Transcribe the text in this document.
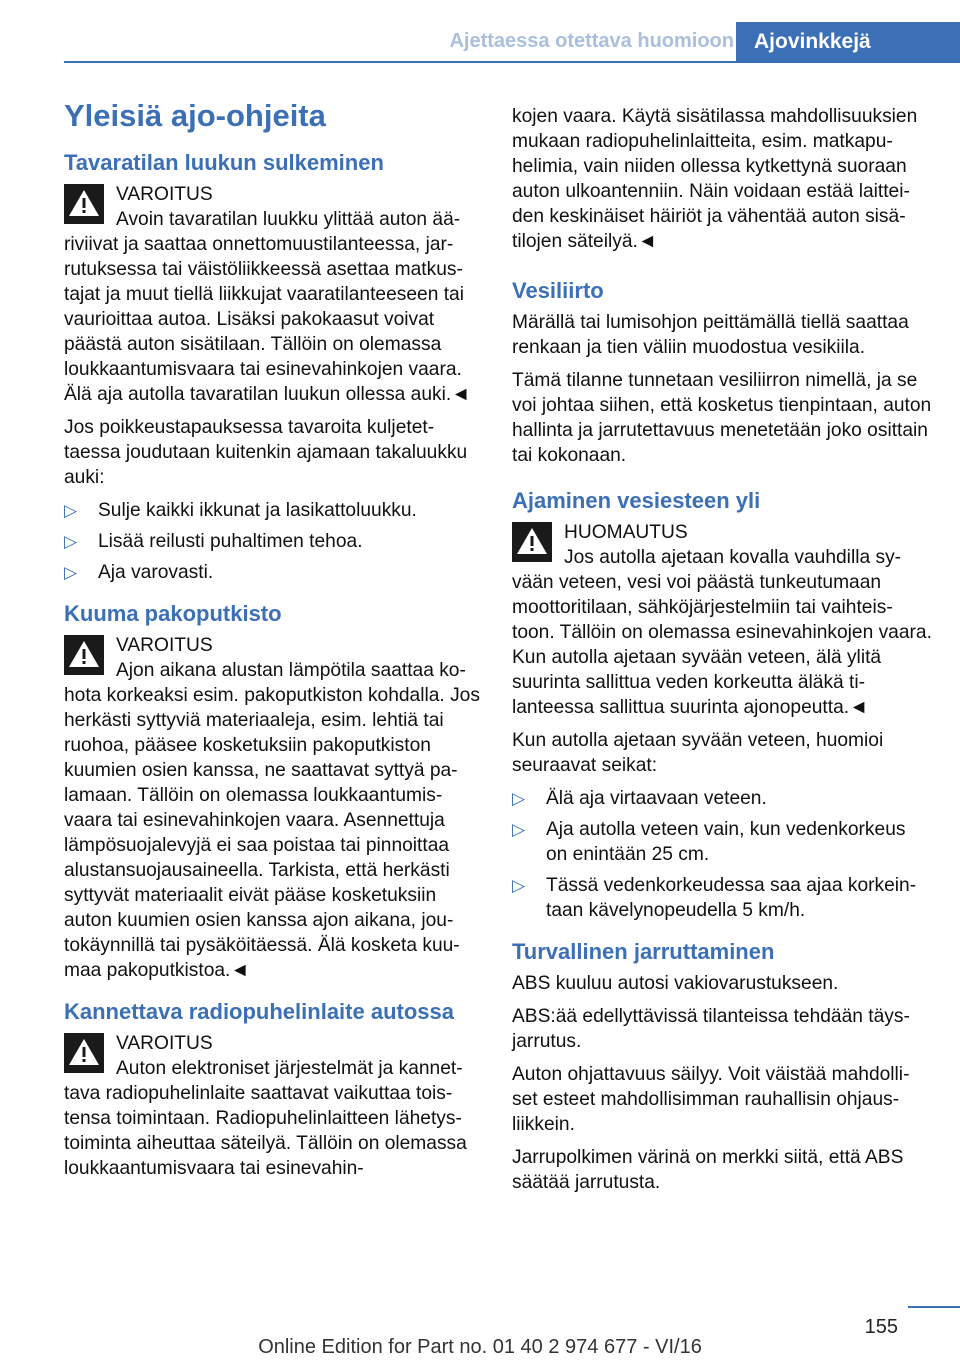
Ajettaessa otettava huomioon Ajovinkkejä
Yleisiä ajo-ohjeita
Tavaratilan luukun sulkeminen
VAROITUS
Avoin tavaratilan luukku ylittää auton ää-
riviivat ja saattaa onnettomuustilanteessa, jar-rutuksessa tai väistöliikkeessä asettaa matkus-tajat ja muut tiellä liikkujat vaaratilanteeseen tai vaurioittaa autoa. Lisäksi pakokaasut voivat päästä auton sisätilaan. Tällöin on olemassa loukkaantumisvaara tai esinevahinkojen vaara. Älä aja autolla tavaratilan luukun ollessa auki.◄

Jos poikkeustapauksessa tavaroita kuljetet-taessa joudutaan kuitenkin ajamaan takaluukku auki:

▷ Sulje kaikki ikkunat ja lasikattoluukku.
▷ Lisää reilusti puhaltimen tehoa.
▷ Aja varovasti.
Kuuma pakoputkisto
VAROITUS
Ajon aikana alustan lämpötila saattaa ko-
hota korkeaksi esim. pakoputkiston kohdalla. Jos herkästi syttyviä materiaaleja, esim. lehtiä tai ruohoa, pääsee kosketuksiin pakoputkiston kuumien osien kanssa, ne saattavat syttyä pa-lamaan. Tällöin on olemassa loukkaantumis-vaara tai esinevahinkojen vaara. Asennettuja lämpösuojalevyjä ei saa poistaa tai pinnoittaa alustansuojausaineella. Tarkista, että herkästi syttyvät materiaalit eivät pääse kosketuksiin auton kuumien osien kanssa ajon aikana, jou-tokäynnillä tai pysäköitäessä. Älä kosketa kuu-maa pakoputkistoa.◄
Kannettava radiopuhelinlaite autossa
VAROITUS
Auton elektroniset järjestelmät ja kannet-
tava radiopuhelinlaite saattavat vaikuttaa tois-tensa toimintaan. Radiopuhelinlaitteen lähetys-toiminta aiheuttaa säteilyä. Tällöin on olemassa loukkaantumisvaara tai esinevahin-

kojen vaara. Käytä sisätilassa mahdollisuuksien mukaan radiopuhelinlaitteita, esim. matkapu-helimia, vain niiden ollessa kytkettynä suoraan auton ulkoantenniin. Näin voidaan estää laittei-den keskinäiset häiriöt ja vähentää auton sisä-tilojen säteilyä.◄

Vesiliirto

Märällä tai lumisohjon peittämällä tiellä saattaa renkaan ja tien väliin muodostua vesikiila.

Tämä tilanne tunnetaan vesiliirron nimellä, ja se voi johtaa siihen, että kosketus tienpintaan, auton hallinta ja jarrutettavuus menetetään joko osittain tai kokonaan.

Ajaminen vesiesteen yli
HUOMAUTUS
Jos autolla ajetaan kovalla vauhdilla sy-
vään veteen, vesi voi päästä tunkeutumaan moottoritilaan, sähköjärjestelmiin tai vaihteis-toon. Tällöin on olemassa esinevahinkojen vaara. Kun autolla ajetaan syvään veteen, älä ylitä suurinta sallittua veden korkeutta äläkä ti-lanteessa sallittua suurinta ajonopeutta.◄

Kun autolla ajetaan syvään veteen, huomioi seuraavat seikat:

▷ Älä aja virtaavaan veteen.
▷ Aja autolla veteen vain, kun vedenkorkeus on enintään 25 cm.
▷ Tässä vedenkorkeudessa saa ajaa korkein-taan kävelynopeudella 5 km/h.
Turvallinen jarruttaminen

ABS kuuluu autosi vakiovarustukseen.

ABS:ää edellyttävissä tilanteissa tehdään täys-jarrutus.

Auton ohjattavuus säilyy. Voit väistää mahdolli-set esteet mahdollisimman rauhallisin ohjaus-liikkein.

Jarrupolkimen värinä on merkki siitä, että ABS säätää jarrutusta.

155
Online Edition for Part no. 01 40 2 974 677 - VI/16
